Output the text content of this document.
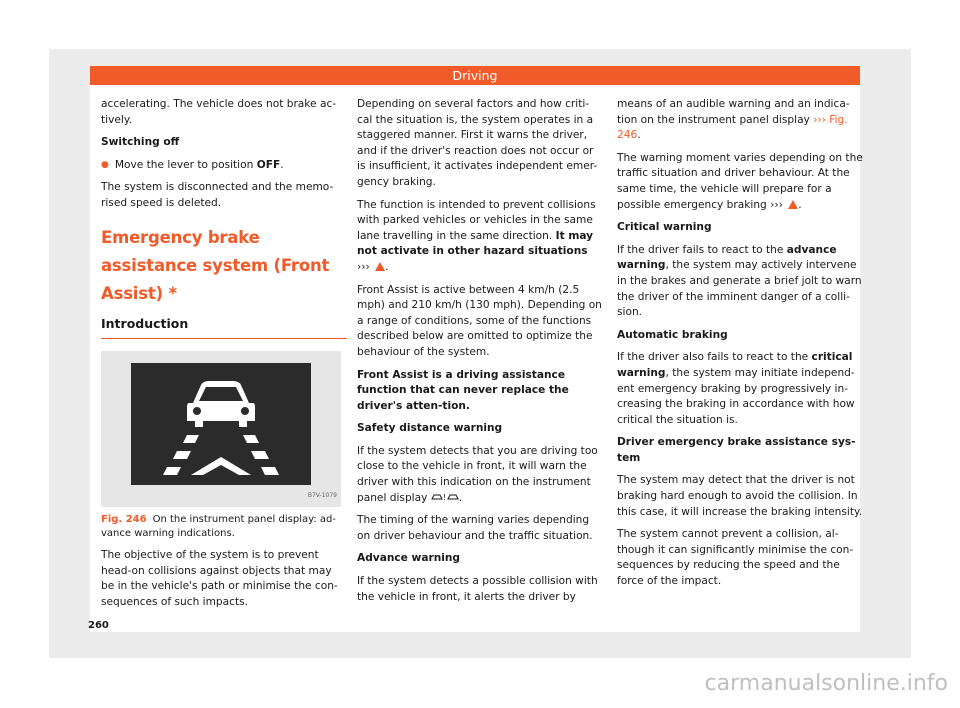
Driving

accelerating. The vehicle does not brake ac-tively.

Switching off

● Move the lever to position OFF.

The system is disconnected and the memo-rised speed is deleted.

Emergency brake assistance system (Front Assist) *
Introduction
B7V-1079

Fig. 246 On the instrument panel display: ad-vance warning indications.

The objective of the system is to prevent head-on collisions against objects that may be in the vehicle's path or minimise the con-sequences of such impacts.

Depending on several factors and how criti-cal the situation is, the system operates in a staggered manner. First it warns the driver, and if the driver's reaction does not occur or is insufficient, it activates independent emer-gency braking.

The function is intended to prevent collisions with parked vehicles or vehicles in the same lane travelling in the same direction. It may not activate in other hazard situations ››› .

Front Assist is active between 4 km/h (2.5 mph) and 210 km/h (130 mph). Depending on a range of conditions, some of the functions described below are omitted to optimize the behaviour of the system.

Front Assist is a driving assistance function that can never replace the driver's atten-tion.

Safety distance warning

If the system detects that you are driving too close to the vehicle in front, it will warn the driver with this indication on the instrument panel display ! .

The timing of the warning varies depending on driver behaviour and the traffic situation.

Advance warning

If the system detects a possible collision with the vehicle in front, it alerts the driver by

means of an audible warning and an indica-tion on the instrument panel display ››› Fig. 246.

The warning moment varies depending on the traffic situation and driver behaviour. At the same time, the vehicle will prepare for a possible emergency braking ››› .

Critical warning

If the driver fails to react to the advance warning, the system may actively intervene in the brakes and generate a brief jolt to warn the driver of the imminent danger of a colli-sion.

Automatic braking

If the driver also fails to react to the critical warning, the system may initiate independ-ent emergency braking by progressively in-creasing the braking in accordance with how critical the situation is.

Driver emergency brake assistance sys-tem

The system may detect that the driver is not braking hard enough to avoid the collision. In this case, it will increase the braking intensity.

The system cannot prevent a collision, al-though it can significantly minimise the con-sequences by reducing the speed and the force of the impact.

260
carmanualsonline.info
